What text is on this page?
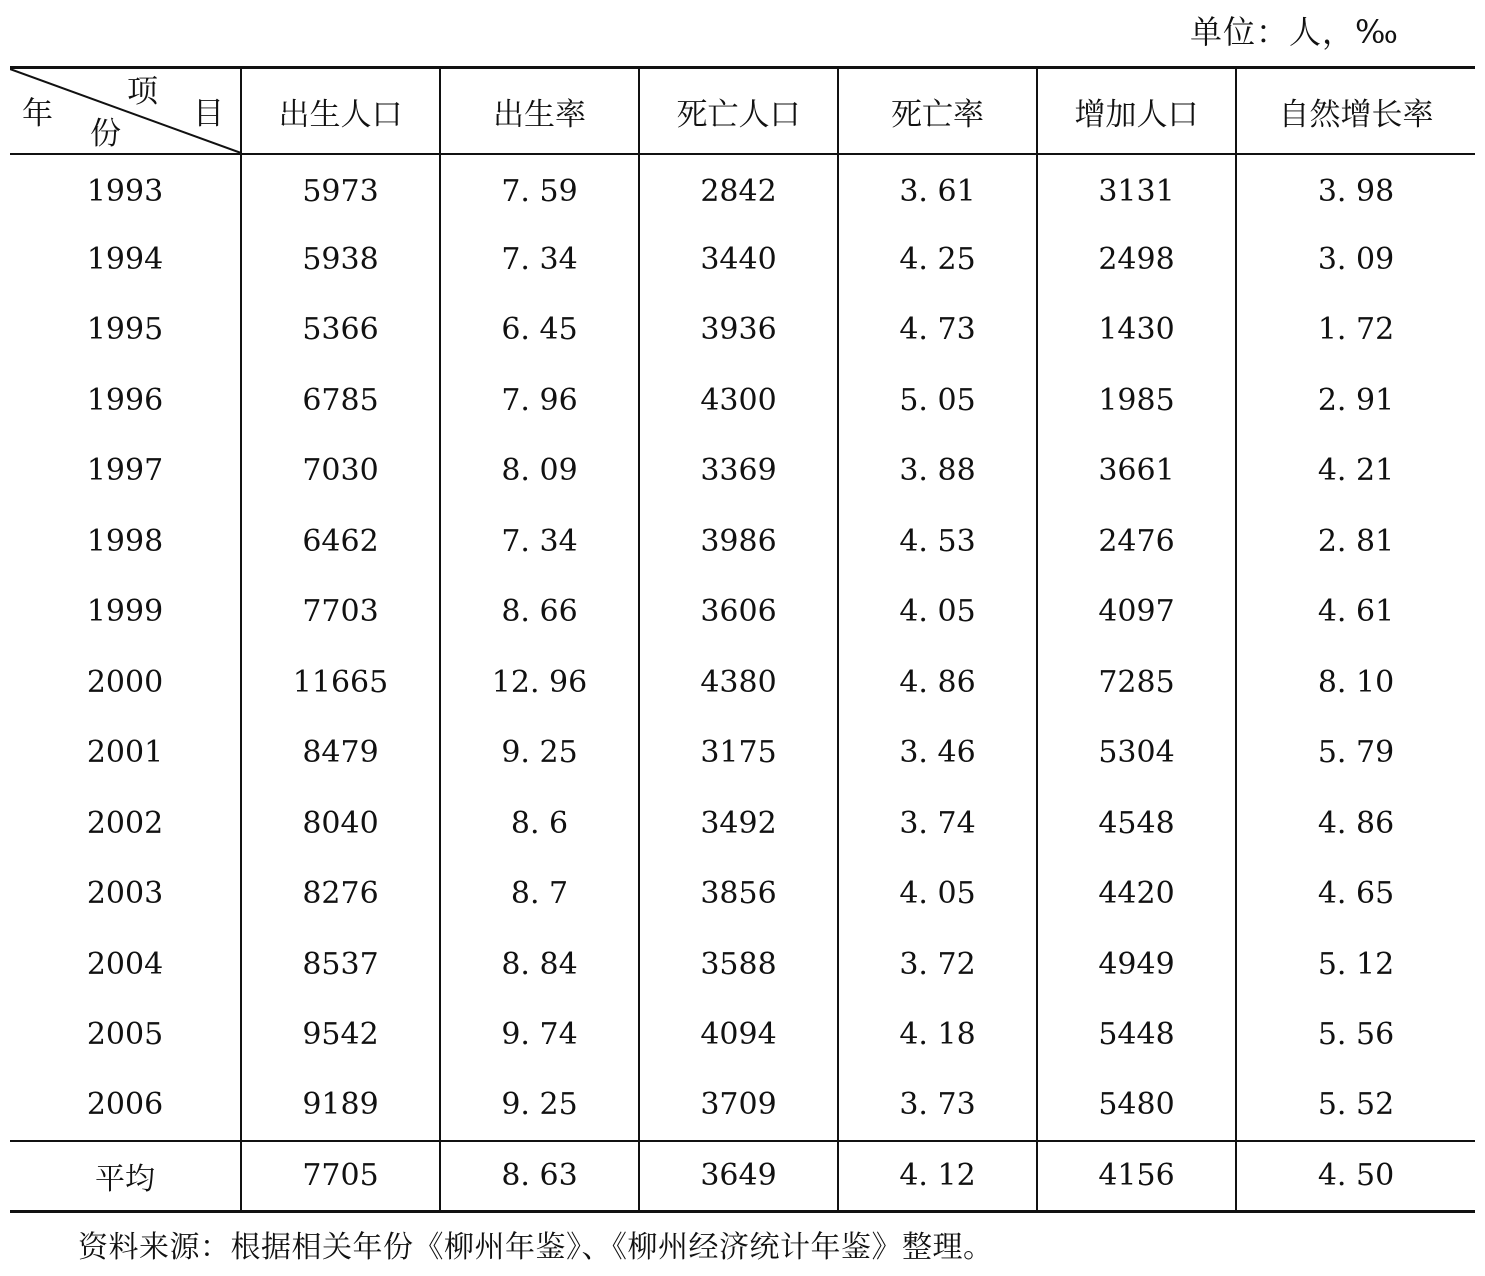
单位：人，‰
年
项
目
份	出生人口	出生率	死亡人口	死亡率	增加人口	自然增长率
1993	5973	7. 59	2842	3. 61	3131	3. 98
1994	5938	7. 34	3440	4. 25	2498	3. 09
1995	5366	6. 45	3936	4. 73	1430	1. 72
1996	6785	7. 96	4300	5. 05	1985	2. 91
1997	7030	8. 09	3369	3. 88	3661	4. 21
1998	6462	7. 34	3986	4. 53	2476	2. 81
1999	7703	8. 66	3606	4. 05	4097	4. 61
2000	11665	12. 96	4380	4. 86	7285	8. 10
2001	8479	9. 25	3175	3. 46	5304	5. 79
2002	8040	8. 6	3492	3. 74	4548	4. 86
2003	8276	8. 7	3856	4. 05	4420	4. 65
2004	8537	8. 84	3588	3. 72	4949	5. 12
2005	9542	9. 74	4094	4. 18	5448	5. 56
2006	9189	9. 25	3709	3. 73	5480	5. 52
平均	7705	8. 63	3649	4. 12	4156	4. 50
资料来源：根据相关年份《柳州年鉴》、《柳州经济统计年鉴》整理。
